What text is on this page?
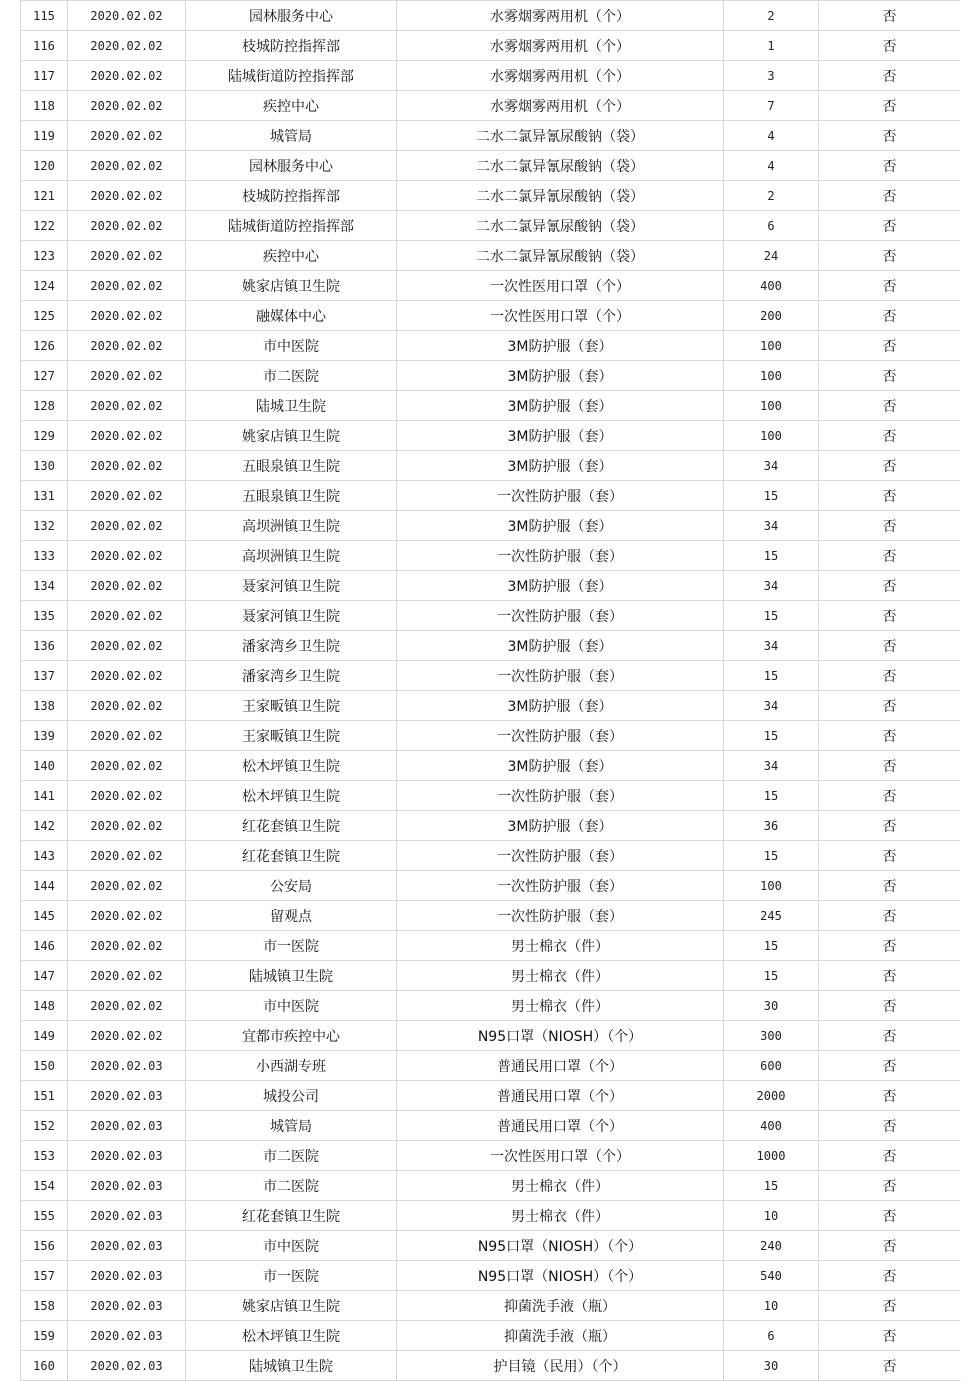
115	2020.02.02	园林服务中心	水雾烟雾两用机（个）	2	否
116	2020.02.02	枝城防控指挥部	水雾烟雾两用机（个）	1	否
117	2020.02.02	陆城街道防控指挥部	水雾烟雾两用机（个）	3	否
118	2020.02.02	疾控中心	水雾烟雾两用机（个）	7	否
119	2020.02.02	城管局	二水二氯异氰尿酸钠（袋）	4	否
120	2020.02.02	园林服务中心	二水二氯异氰尿酸钠（袋）	4	否
121	2020.02.02	枝城防控指挥部	二水二氯异氰尿酸钠（袋）	2	否
122	2020.02.02	陆城街道防控指挥部	二水二氯异氰尿酸钠（袋）	6	否
123	2020.02.02	疾控中心	二水二氯异氰尿酸钠（袋）	24	否
124	2020.02.02	姚家店镇卫生院	一次性医用口罩（个）	400	否
125	2020.02.02	融媒体中心	一次性医用口罩（个）	200	否
126	2020.02.02	市中医院	3M防护服（套）	100	否
127	2020.02.02	市二医院	3M防护服（套）	100	否
128	2020.02.02	陆城卫生院	3M防护服（套）	100	否
129	2020.02.02	姚家店镇卫生院	3M防护服（套）	100	否
130	2020.02.02	五眼泉镇卫生院	3M防护服（套）	34	否
131	2020.02.02	五眼泉镇卫生院	一次性防护服（套）	15	否
132	2020.02.02	高坝洲镇卫生院	3M防护服（套）	34	否
133	2020.02.02	高坝洲镇卫生院	一次性防护服（套）	15	否
134	2020.02.02	聂家河镇卫生院	3M防护服（套）	34	否
135	2020.02.02	聂家河镇卫生院	一次性防护服（套）	15	否
136	2020.02.02	潘家湾乡卫生院	3M防护服（套）	34	否
137	2020.02.02	潘家湾乡卫生院	一次性防护服（套）	15	否
138	2020.02.02	王家畈镇卫生院	3M防护服（套）	34	否
139	2020.02.02	王家畈镇卫生院	一次性防护服（套）	15	否
140	2020.02.02	松木坪镇卫生院	3M防护服（套）	34	否
141	2020.02.02	松木坪镇卫生院	一次性防护服（套）	15	否
142	2020.02.02	红花套镇卫生院	3M防护服（套）	36	否
143	2020.02.02	红花套镇卫生院	一次性防护服（套）	15	否
144	2020.02.02	公安局	一次性防护服（套）	100	否
145	2020.02.02	留观点	一次性防护服（套）	245	否
146	2020.02.02	市一医院	男士棉衣（件）	15	否
147	2020.02.02	陆城镇卫生院	男士棉衣（件）	15	否
148	2020.02.02	市中医院	男士棉衣（件）	30	否
149	2020.02.02	宜都市疾控中心	N95口罩（NIOSH）（个）	300	否
150	2020.02.03	小西湖专班	普通民用口罩（个）	600	否
151	2020.02.03	城投公司	普通民用口罩（个）	2000	否
152	2020.02.03	城管局	普通民用口罩（个）	400	否
153	2020.02.03	市二医院	一次性医用口罩（个）	1000	否
154	2020.02.03	市二医院	男士棉衣（件）	15	否
155	2020.02.03	红花套镇卫生院	男士棉衣（件）	10	否
156	2020.02.03	市中医院	N95口罩（NIOSH）（个）	240	否
157	2020.02.03	市一医院	N95口罩（NIOSH）（个）	540	否
158	2020.02.03	姚家店镇卫生院	抑菌洗手液（瓶）	10	否
159	2020.02.03	松木坪镇卫生院	抑菌洗手液（瓶）	6	否
160	2020.02.03	陆城镇卫生院	护目镜（民用）（个）	30	否
